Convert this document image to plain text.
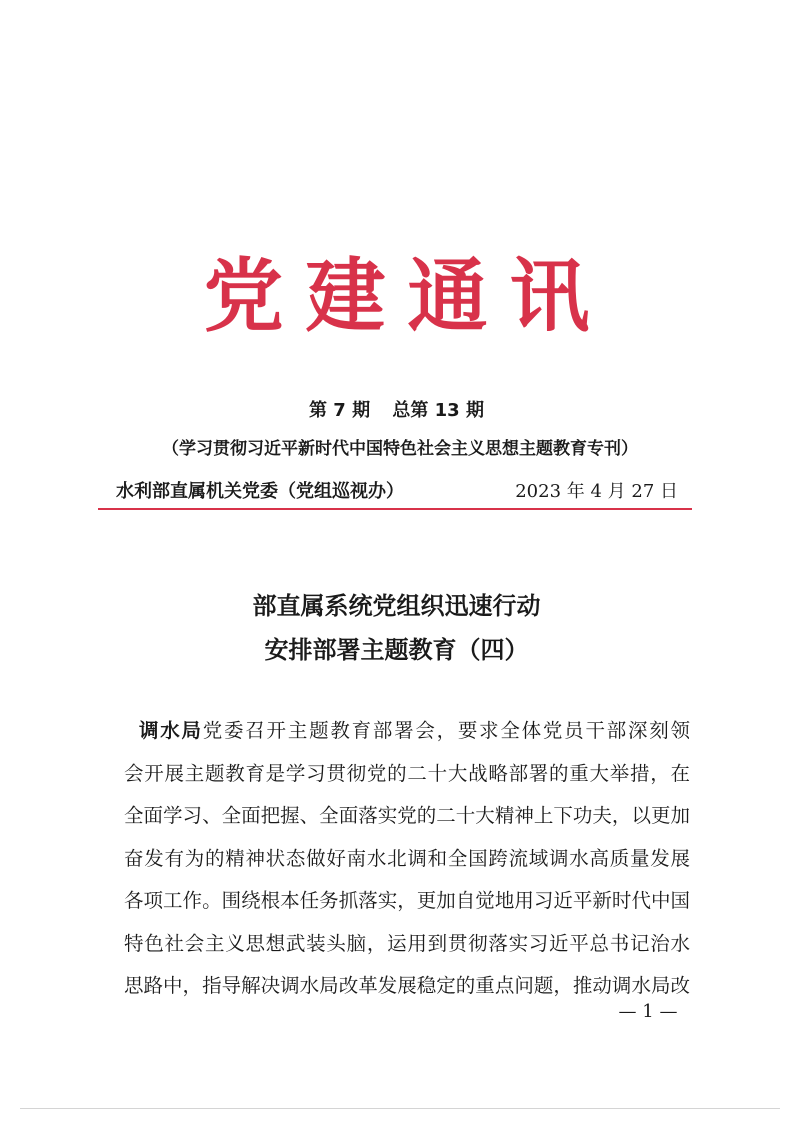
党建通讯
第 7 期 总第 13 期
（学习贯彻习近平新时代中国特色社会主义思想主题教育专刊）
水利部直属机关党委（党组巡视办）	2023 年 4 月 27 日
部直属系统党组织迅速行动
安排部署主题教育（四）
调水局党委召开主题教育部署会，要求全体党员干部深刻领
会开展主题教育是学习贯彻党的二十大战略部署的重大举措，在
全面学习、全面把握、全面落实党的二十大精神上下功夫，以更加
奋发有为的精神状态做好南水北调和全国跨流域调水高质量发展
各项工作。围绕根本任务抓落实，更加自觉地用习近平新时代中国
特色社会主义思想武装头脑，运用到贯彻落实习近平总书记治水
思路中，指导解决调水局改革发展稳定的重点问题，推动调水局改
— 1 —
